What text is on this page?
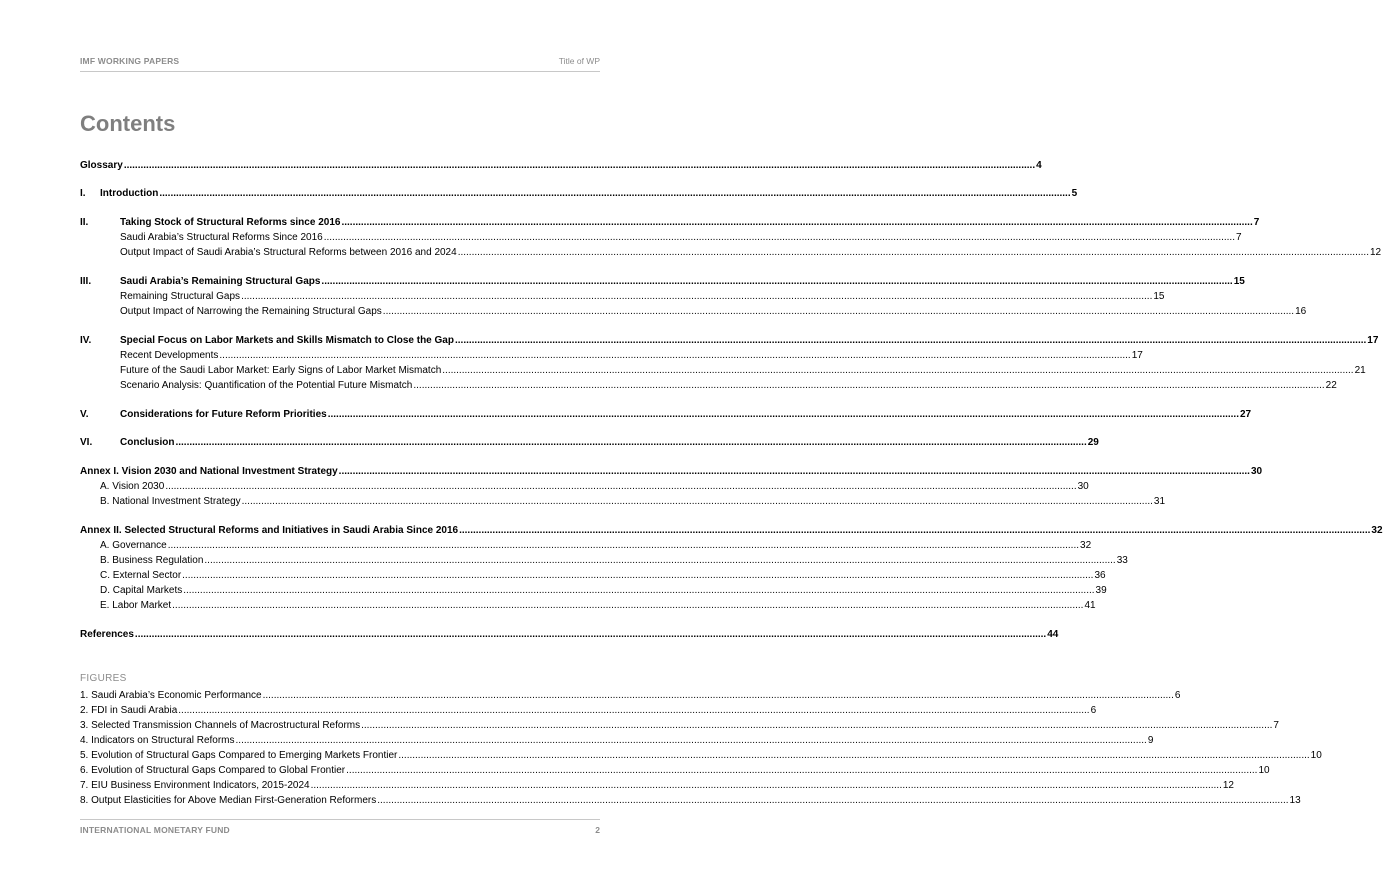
IMF WORKING PAPERS	Title of WP
Contents
Glossary .....	4
I.	Introduction .....	5
II.	Taking Stock of Structural Reforms since 2016 .....	7
Saudi Arabia’s Structural Reforms Since 2016 .....	7
Output Impact of Saudi Arabia’s Structural Reforms between 2016 and 2024 .....	12
III.	Saudi Arabia’s Remaining Structural Gaps .....	15
Remaining Structural Gaps .....	15
Output Impact of Narrowing the Remaining Structural Gaps .....	16
IV.	Special Focus on Labor Markets and Skills Mismatch to Close the Gap .....	17
Recent Developments .....	17
Future of the Saudi Labor Market: Early Signs of Labor Market Mismatch .....	21
Scenario Analysis: Quantification of the Potential Future Mismatch .....	22
V.	Considerations for Future Reform Priorities .....	27
VI.	Conclusion .....	29
Annex I. Vision 2030 and National Investment Strategy .....	30
A. Vision 2030 .....	30
B. National Investment Strategy .....	31
Annex II. Selected Structural Reforms and Initiatives in Saudi Arabia Since 2016 .....	32
A. Governance .....	32
B. Business Regulation .....	33
C. External Sector .....	36
D. Capital Markets .....	39
E. Labor Market .....	41
References .....	44
FIGURES
1. Saudi Arabia’s Economic Performance .....	6
2. FDI in Saudi Arabia .....	6
3. Selected Transmission Channels of Macrostructural Reforms .....	7
4. Indicators on Structural Reforms .....	9
5. Evolution of Structural Gaps Compared to Emerging Markets Frontier .....	10
6. Evolution of Structural Gaps Compared to Global Frontier .....	10
7. EIU Business Environment Indicators, 2015-2024 .....	12
8. Output Elasticities for Above Median First-Generation Reformers .....	13
INTERNATIONAL MONETARY FUND	2
